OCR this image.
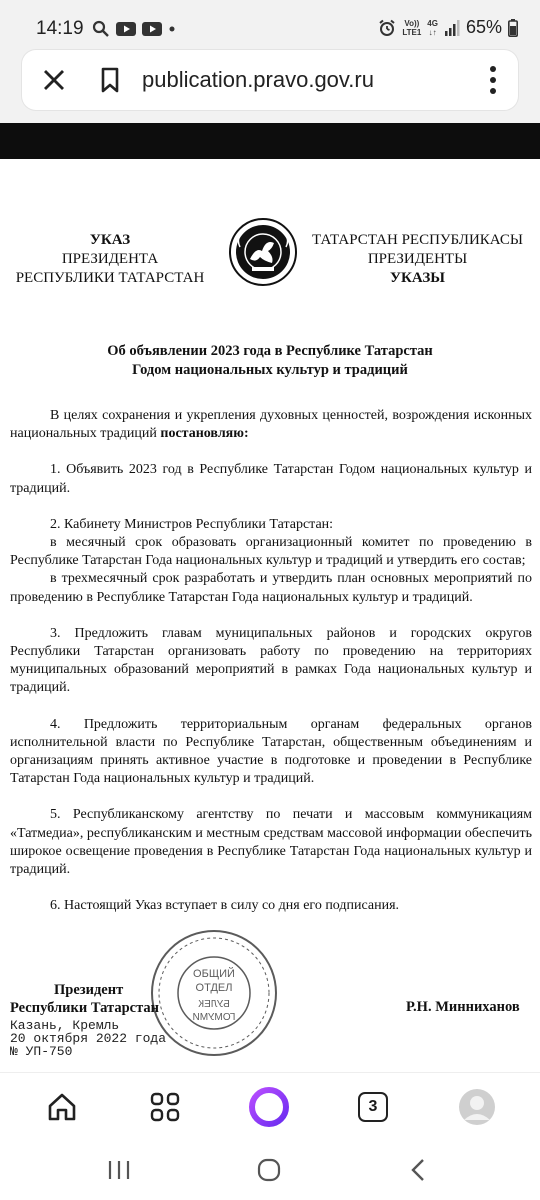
14:19	Vo))
LTE1
4G
↓↑ 65%
publication.pravo.gov.ru
УКАЗ
ПРЕЗИДЕНТА
РЕСПУБЛИКИ ТАТАРСТАН
ТАТАРСТАН РЕСПУБЛИКАСЫ
ПРЕЗИДЕНТЫ
УКАЗЫ
Об объявлении 2023 года в Республике Татарстан
Годом национальных культур и традиций

В целях сохранения и укрепления духовных ценностей, возрождения исконных национальных традиций постановляю:

1. Объявить 2023 год в Республике Татарстан Годом национальных культур и традиций.

2. Кабинету Министров Республики Татарстан:

в месячный срок образовать организационный комитет по проведению в Республике Татарстан Года национальных культур и традиций и утвердить его состав;

в трехмесячный срок разработать и утвердить план основных мероприятий по проведению в Республике Татарстан Года национальных культур и традиций.

3. Предложить главам муниципальных районов и городских округов Республики Татарстан организовать работу по проведению на территориях муниципальных образований мероприятий в рамках Года национальных культур и традиций.

4. Предложить территориальным органам федеральных органов исполнительной власти по Республике Татарстан, общественным объединениям и организациям принять активное участие в подготовке и проведении в Республике Татарстан Года национальных культур и традиций.

5. Республиканскому агентству по печати и массовым коммуникациям «Татмедиа», республиканским и местным средствам массовой информации обеспечить широкое освещение проведения в Республике Татарстан Года национальных культур и традиций.

6. Настоящий Указ вступает в силу со дня его подписания.

ОБЩИЙ
ОТДЕЛ
БУЛЕК
ГОМУМИ
Президент
Республики Татарстан	Р.Н. Минниханов
Казань, Кремль
20 октября 2022 года
№ УП-750
3
